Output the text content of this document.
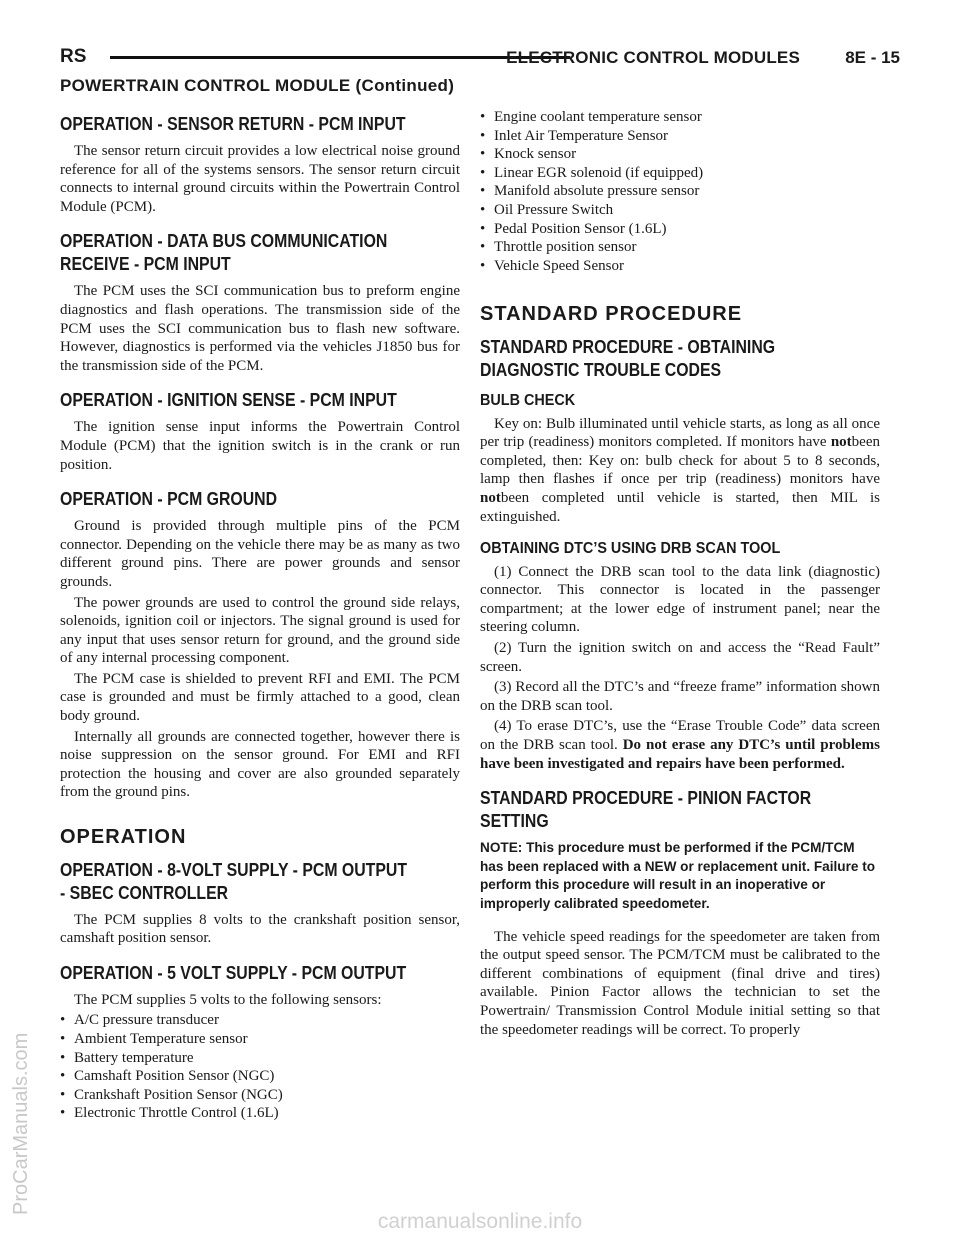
RS	ELECTRONIC CONTROL MODULES	8E - 15
POWERTRAIN CONTROL MODULE (Continued)
OPERATION - SENSOR RETURN - PCM INPUT

The sensor return circuit provides a low electrical noise ground reference for all of the systems sensors. The sensor return circuit connects to internal ground circuits within the Powertrain Control Module (PCM).

OPERATION - DATA BUS COMMUNICATION
RECEIVE - PCM INPUT

The PCM uses the SCI communication bus to preform engine diagnostics and flash operations. The transmission side of the PCM uses the SCI communication bus to flash new software. However, diagnostics is performed via the vehicles J1850 bus for the transmission side of the PCM.

OPERATION - IGNITION SENSE - PCM INPUT

The ignition sense input informs the Powertrain Control Module (PCM) that the ignition switch is in the crank or run position.

OPERATION - PCM GROUND

Ground is provided through multiple pins of the PCM connector. Depending on the vehicle there may be as many as two different ground pins. There are power grounds and sensor grounds.

The power grounds are used to control the ground side relays, solenoids, ignition coil or injectors. The signal ground is used for any input that uses sensor return for ground, and the ground side of any internal processing component.

The PCM case is shielded to prevent RFI and EMI. The PCM case is grounded and must be firmly attached to a good, clean body ground.

Internally all grounds are connected together, however there is noise suppression on the sensor ground. For EMI and RFI protection the housing and cover are also grounded separately from the ground pins.

OPERATION
OPERATION - 8-VOLT SUPPLY - PCM OUTPUT
- SBEC CONTROLLER

The PCM supplies 8 volts to the crankshaft position sensor, camshaft position sensor.

OPERATION - 5 VOLT SUPPLY - PCM OUTPUT

The PCM supplies 5 volts to the following sensors:

• A/C pressure transducer
• Ambient Temperature sensor
• Battery temperature
• Camshaft Position Sensor (NGC)
• Crankshaft Position Sensor (NGC)
• Electronic Throttle Control (1.6L)
• Engine coolant temperature sensor
• Inlet Air Temperature Sensor
• Knock sensor
• Linear EGR solenoid (if equipped)
• Manifold absolute pressure sensor
• Oil Pressure Switch
• Pedal Position Sensor (1.6L)
• Throttle position sensor
• Vehicle Speed Sensor
STANDARD PROCEDURE
STANDARD PROCEDURE - OBTAINING
DIAGNOSTIC TROUBLE CODES
BULB CHECK

Key on: Bulb illuminated until vehicle starts, as long as all once per trip (readiness) monitors completed. If monitors have notbeen completed, then: Key on: bulb check for about 5 to 8 seconds, lamp then flashes if once per trip (readiness) monitors have notbeen completed until vehicle is started, then MIL is extinguished.

OBTAINING DTC’S USING DRB SCAN TOOL

(1) Connect the DRB scan tool to the data link (diagnostic) connector. This connector is located in the passenger compartment; at the lower edge of instrument panel; near the steering column.

(2) Turn the ignition switch on and access the “Read Fault” screen.

(3) Record all the DTC’s and “freeze frame” information shown on the DRB scan tool.

(4) To erase DTC’s, use the “Erase Trouble Code” data screen on the DRB scan tool. Do not erase any DTC’s until problems have been investigated and repairs have been performed.

STANDARD PROCEDURE - PINION FACTOR
SETTING

NOTE: This procedure must be performed if the PCM/TCM has been replaced with a NEW or replacement unit. Failure to perform this procedure will result in an inoperative or improperly calibrated speedometer.

The vehicle speed readings for the speedometer are taken from the output speed sensor. The PCM/TCM must be calibrated to the different combinations of equipment (final drive and tires) available. Pinion Factor allows the technician to set the Powertrain/ Transmission Control Module initial setting so that the speedometer readings will be correct. To properly

ProCarManuals.com
carmanualsonline.info
